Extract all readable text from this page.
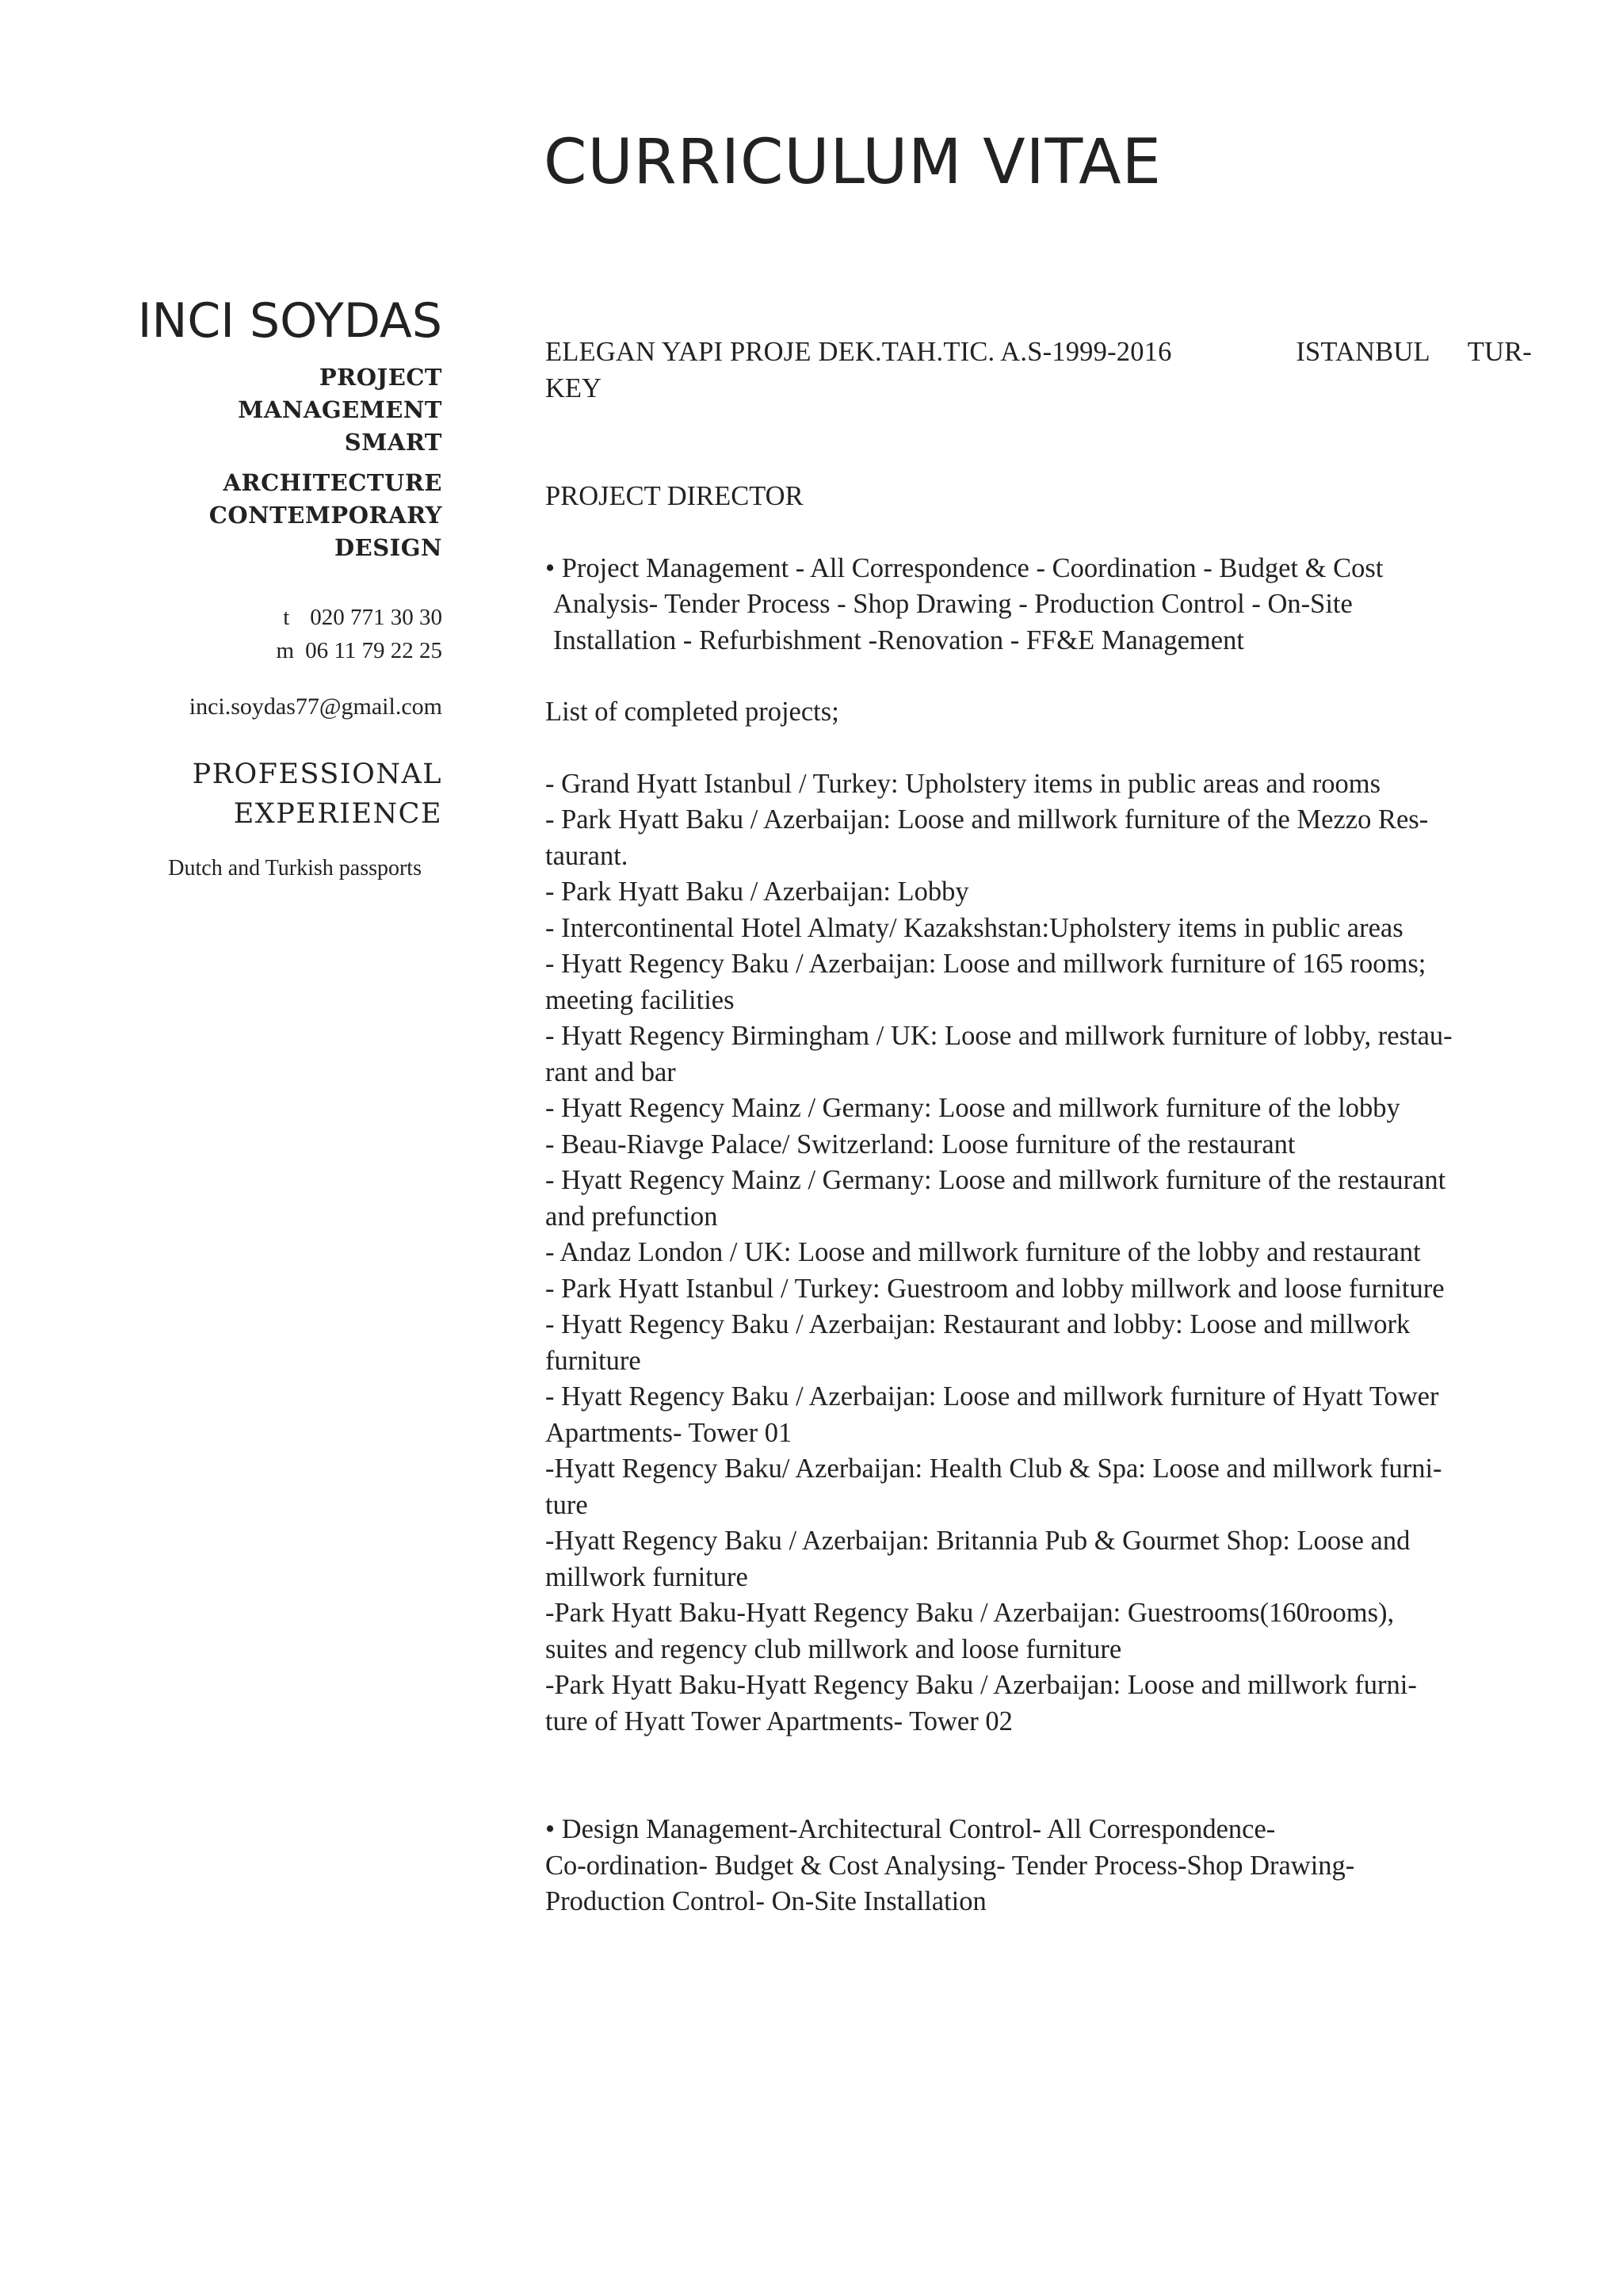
CURRICULUM VITAE
INCI SOYDAS
PROJECT
MANAGEMENT
SMART
ARCHITECTURE
CONTEMPORARY
DESIGN
t 020 771 30 30
m 06 11 79 22 25
inci.soydas77@gmail.com
PROFESSIONAL
EXPERIENCE
Dutch and Turkish passports

ELEGAN YAPI PROJE DEK.TAH.TIC. A.S-1999-2016	ISTANBUL TUR-

KEY

PROJECT DIRECTOR

• Project Management - All Correspondence - Coordination - Budget & Cost

Analysis- Tender Process - Shop Drawing - Production Control - On-Site

Installation - Refurbishment -Renovation - FF&E Management

List of completed projects;

- Grand Hyatt Istanbul / Turkey: Upholstery items in public areas and rooms
- Park Hyatt Baku / Azerbaijan: Loose and millwork furniture of the Mezzo Res-
taurant.
- Park Hyatt Baku / Azerbaijan: Lobby
- Intercontinental Hotel Almaty/ Kazakshstan:Upholstery items in public areas
- Hyatt Regency Baku / Azerbaijan: Loose and millwork furniture of 165 rooms;
meeting facilities
- Hyatt Regency Birmingham / UK: Loose and millwork furniture of lobby, restau-
rant and bar
- Hyatt Regency Mainz / Germany: Loose and millwork furniture of the lobby
- Beau-Riavge Palace/ Switzerland: Loose furniture of the restaurant
- Hyatt Regency Mainz / Germany: Loose and millwork furniture of the restaurant
and prefunction
- Andaz London / UK: Loose and millwork furniture of the lobby and restaurant
- Park Hyatt Istanbul / Turkey: Guestroom and lobby millwork and loose furniture
- Hyatt Regency Baku / Azerbaijan: Restaurant and lobby: Loose and millwork
furniture
- Hyatt Regency Baku / Azerbaijan: Loose and millwork furniture of Hyatt Tower
Apartments- Tower 01
-Hyatt Regency Baku/ Azerbaijan: Health Club & Spa: Loose and millwork furni-
ture
-Hyatt Regency Baku / Azerbaijan: Britannia Pub & Gourmet Shop: Loose and
millwork furniture
-Park Hyatt Baku-Hyatt Regency Baku / Azerbaijan: Guestrooms(160rooms),
suites and regency club millwork and loose furniture
-Park Hyatt Baku-Hyatt Regency Baku / Azerbaijan: Loose and millwork furni-
ture of Hyatt Tower Apartments- Tower 02

• Design Management-Architectural Control- All Correspondence-

Co-ordination- Budget & Cost Analysing- Tender Process-Shop Drawing-

Production Control- On-Site Installation
